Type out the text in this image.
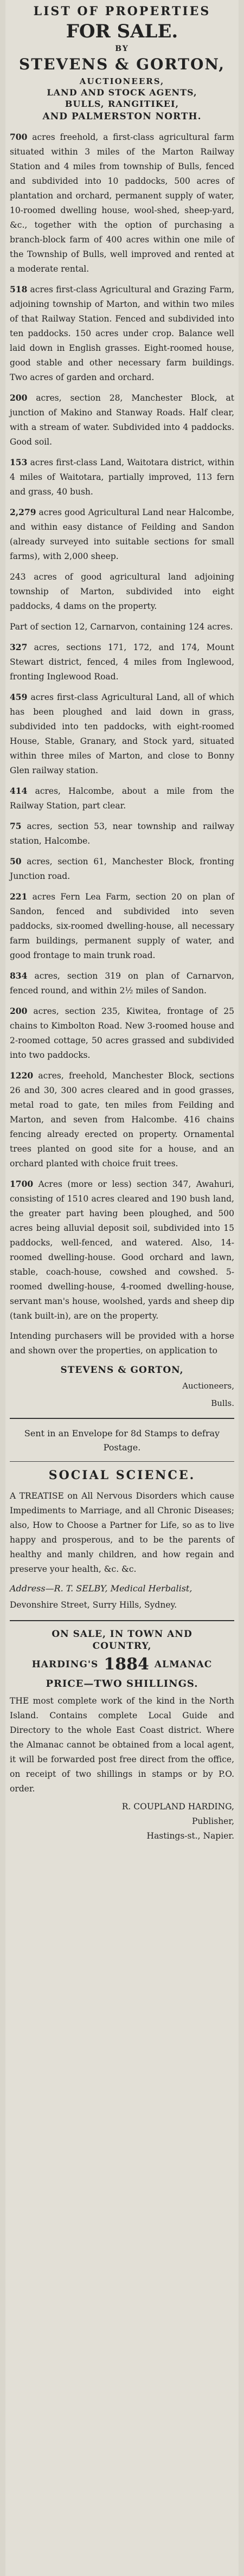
LIST OF PROPERTIES
FOR SALE.
BY
STEVENS & GORTON,
AUCTIONEERS,
LAND AND STOCK AGENTS,
BULLS, RANGITIKEI,
AND PALMERSTON NORTH.

700 acres freehold, a first-class agricultural farm situated within 3 miles of the Marton Railway Station and 4 miles from township of Bulls, fenced and subdivided into 10 paddocks, 500 acres of plantation and orchard, permanent supply of water, 10-roomed dwelling house, wool-shed, sheep-yard, &c., together with the option of purchasing a branch-block farm of 400 acres within one mile of the Township of Bulls, well improved and rented at a moderate rental.

518 acres first-class Agricultural and Grazing Farm, adjoining township of Marton, and within two miles of that Railway Station. Fenced and subdivided into ten paddocks. 150 acres under crop. Balance well laid down in English grasses. Eight-roomed house, good stable and other necessary farm buildings. Two acres of garden and orchard.

200 acres, section 28, Manchester Block, at junction of Makino and Stanway Roads. Half clear, with a stream of water. Subdivided into 4 paddocks. Good soil.

153 acres first-class Land, Waitotara district, within 4 miles of Waitotara, partially improved, 113 fern and grass, 40 bush.

2,279 acres good Agricultural Land near Halcombe, and within easy distance of Feilding and Sandon (already surveyed into suitable sections for small farms), with 2,000 sheep.

243 acres of good agricultural land adjoining township of Marton, subdivided into eight paddocks, 4 dams on the property.

Part of section 12, Carnarvon, containing 124 acres.

327 acres, sections 171, 172, and 174, Mount Stewart district, fenced, 4 miles from Inglewood, fronting Inglewood Road.

459 acres first-class Agricultural Land, all of which has been ploughed and laid down in grass, subdivided into ten paddocks, with eight-roomed House, Stable, Granary, and Stock yard, situated within three miles of Marton, and close to Bonny Glen railway station.

414 acres, Halcombe, about a mile from the Railway Station, part clear.

75 acres, section 53, near township and railway station, Halcombe.

50 acres, section 61, Manchester Block, fronting Junction road.

221 acres Fern Lea Farm, section 20 on plan of Sandon, fenced and subdivided into seven paddocks, six-roomed dwelling-house, all necessary farm buildings, permanent supply of water, and good frontage to main trunk road.

834 acres, section 319 on plan of Carnarvon, fenced round, and within 2½ miles of Sandon.

200 acres, section 235, Kiwitea, frontage of 25 chains to Kimbolton Road. New 3-roomed house and 2-roomed cottage, 50 acres grassed and subdivided into two paddocks.

1220 acres, freehold, Manchester Block, sections 26 and 30, 300 acres cleared and in good grasses, metal road to gate, ten miles from Feilding and Marton, and seven from Halcombe. 416 chains fencing already erected on property. Ornamental trees planted on good site for a house, and an orchard planted with choice fruit trees.

1700 Acres (more or less) section 347, Awahuri, consisting of 1510 acres cleared and 190 bush land, the greater part having been ploughed, and 500 acres being alluvial deposit soil, subdivided into 15 paddocks, well-fenced, and watered. Also, 14-roomed dwelling-house. Good orchard and lawn, stable, coach-house, cowshed and cowshed. 5-roomed dwelling-house, 4-roomed dwelling-house, servant man's house, woolshed, yards and sheep dip (tank built-in), are on the property.

Intending purchasers will be provided with a horse and shown over the properties, on application to

STEVENS & GORTON,
Auctioneers,
Bulls.
Sent in an Envelope for 8d Stamps to defray Postage.
SOCIAL SCIENCE.

A TREATISE on All Nervous Disorders which cause Impediments to Marriage, and all Chronic Diseases; also, How to Choose a Partner for Life, so as to live happy and prosperous, and to be the parents of healthy and manly children, and how regain and preserve your health, &c. &c.

Address—R. T. SELBY, Medical Herbalist,
Devonshire Street, Surry Hills, Sydney.
ON SALE, IN TOWN AND
COUNTRY,
HARDING'S 1884 ALMANAC
PRICE—TWO SHILLINGS.

THE most complete work of the kind in the North Island. Contains complete Local Guide and Directory to the whole East Coast district. Where the Almanac cannot be obtained from a local agent, it will be forwarded post free direct from the office, on receipt of two shillings in stamps or by P.O. order.

R. COUPLAND HARDING,
Publisher,
Hastings-st., Napier.
